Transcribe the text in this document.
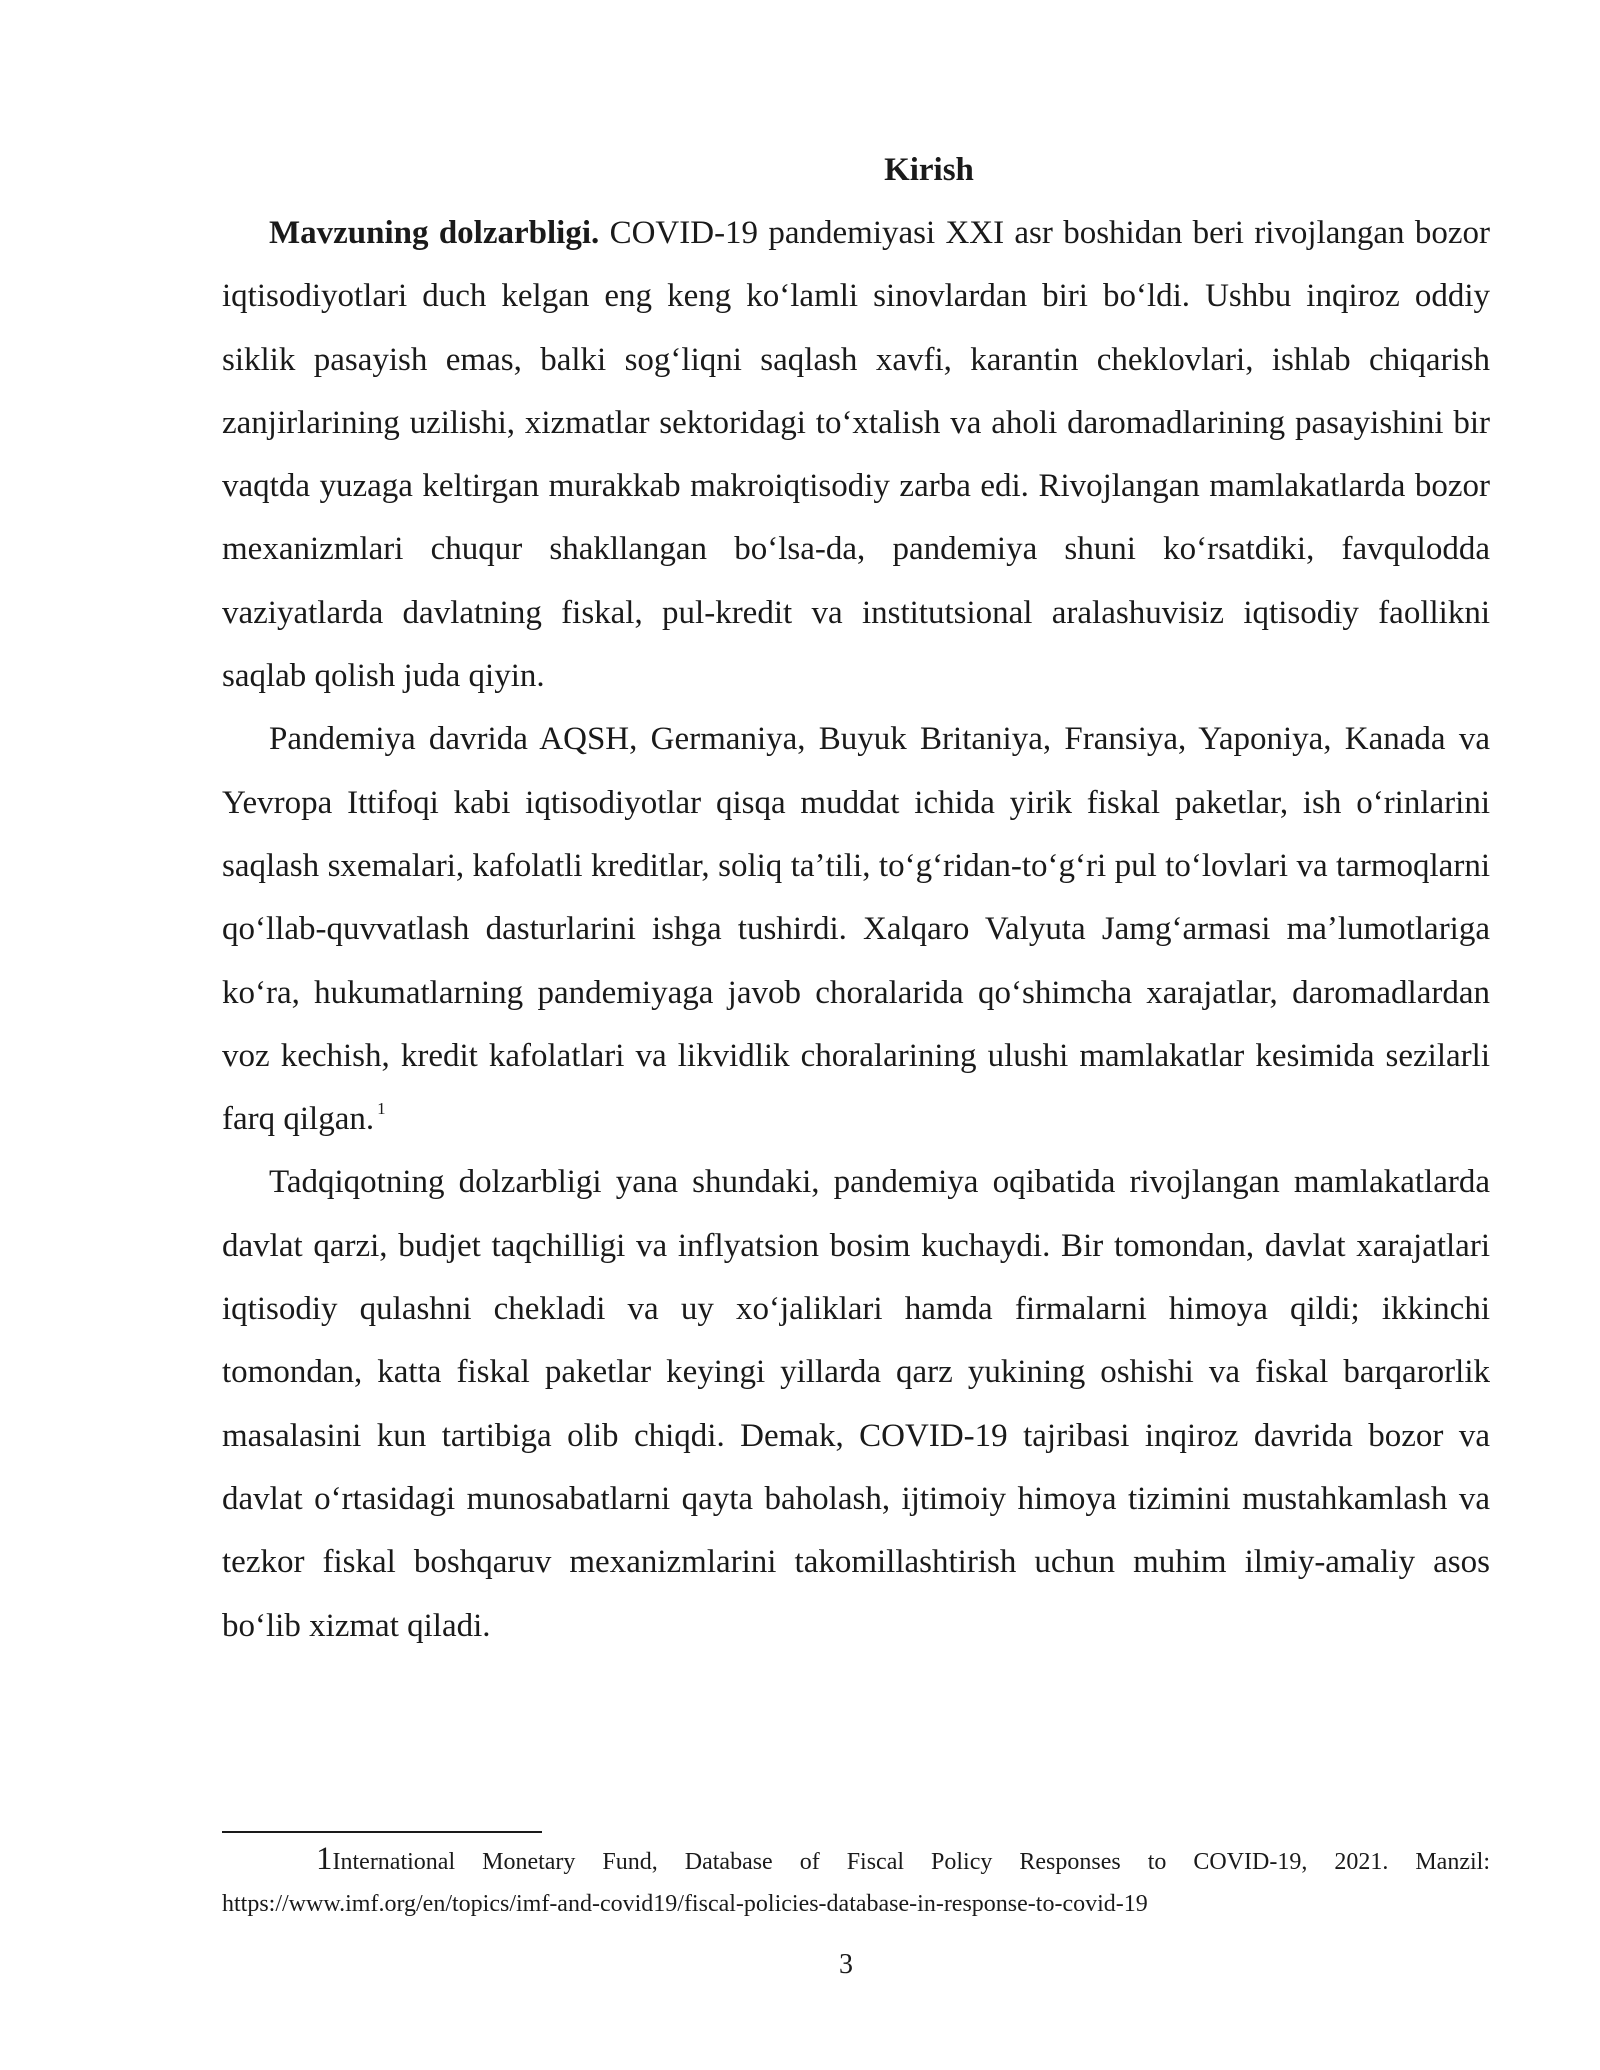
Kirish

Mavzuning dolzarbligi. COVID-19 pandemiyasi XXI asr boshidan beri rivojlangan bozor iqtisodiyotlari duch kelgan eng keng koʻlamli sinovlardan biri boʻldi. Ushbu inqiroz oddiy siklik pasayish emas, balki sogʻliqni saqlash xavfi, karantin cheklovlari, ishlab chiqarish zanjirlarining uzilishi, xizmatlar sektoridagi toʻxtalish va aholi daromadlarining pasayishini bir vaqtda yuzaga keltirgan murakkab makroiqtisodiy zarba edi. Rivojlangan mamlakatlarda bozor mexanizmlari chuqur shakllangan boʻlsa-da, pandemiya shuni koʻrsatdiki, favqulodda vaziyatlarda davlatning fiskal, pul-kredit va institutsional aralashuvisiz iqtisodiy faollikni saqlab qolish juda qiyin.

Pandemiya davrida AQSH, Germaniya, Buyuk Britaniya, Fransiya, Yaponiya, Kanada va Yevropa Ittifoqi kabi iqtisodiyotlar qisqa muddat ichida yirik fiskal paketlar, ish oʻrinlarini saqlash sxemalari, kafolatli kreditlar, soliq taʼtili, toʻgʻridan-toʻgʻri pul toʻlovlari va tarmoqlarni qoʻllab-quvvatlash dasturlarini ishga tushirdi. Xalqaro Valyuta Jamgʻarmasi maʼlumotlariga koʻra, hukumatlarning pandemiyaga javob choralarida qoʻshimcha xarajatlar, daromadlardan voz kechish, kredit kafolatlari va likvidlik choralarining ulushi mamlakatlar kesimida sezilarli farq qilgan. $^1$

Tadqiqotning dolzarbligi yana shundaki, pandemiya oqibatida rivojlangan mamlakatlarda davlat qarzi, budjet taqchilligi va inflyatsion bosim kuchaydi. Bir tomondan, davlat xarajatlari iqtisodiy qulashni chekladi va uy xoʻjaliklari hamda firmalarni himoya qildi; ikkinchi tomondan, katta fiskal paketlar keyingi yillarda qarz yukining oshishi va fiskal barqarorlik masalasini kun tartibiga olib chiqdi. Demak, COVID-19 tajribasi inqiroz davrida bozor va davlat oʻrtasidagi munosabatlarni qayta baholash, ijtimoiy himoya tizimini mustahkamlash va tezkor fiskal boshqaruv mexanizmlarini takomillashtirish uchun muhim ilmiy-amaliy asos boʻlib xizmat qiladi.

1International Monetary Fund, Database of Fiscal Policy Responses to COVID-19, 2021. Manzil: https://www.imf.org/en/topics/imf-and-covid19/fiscal-policies-database-in-response-to-covid-19

3
